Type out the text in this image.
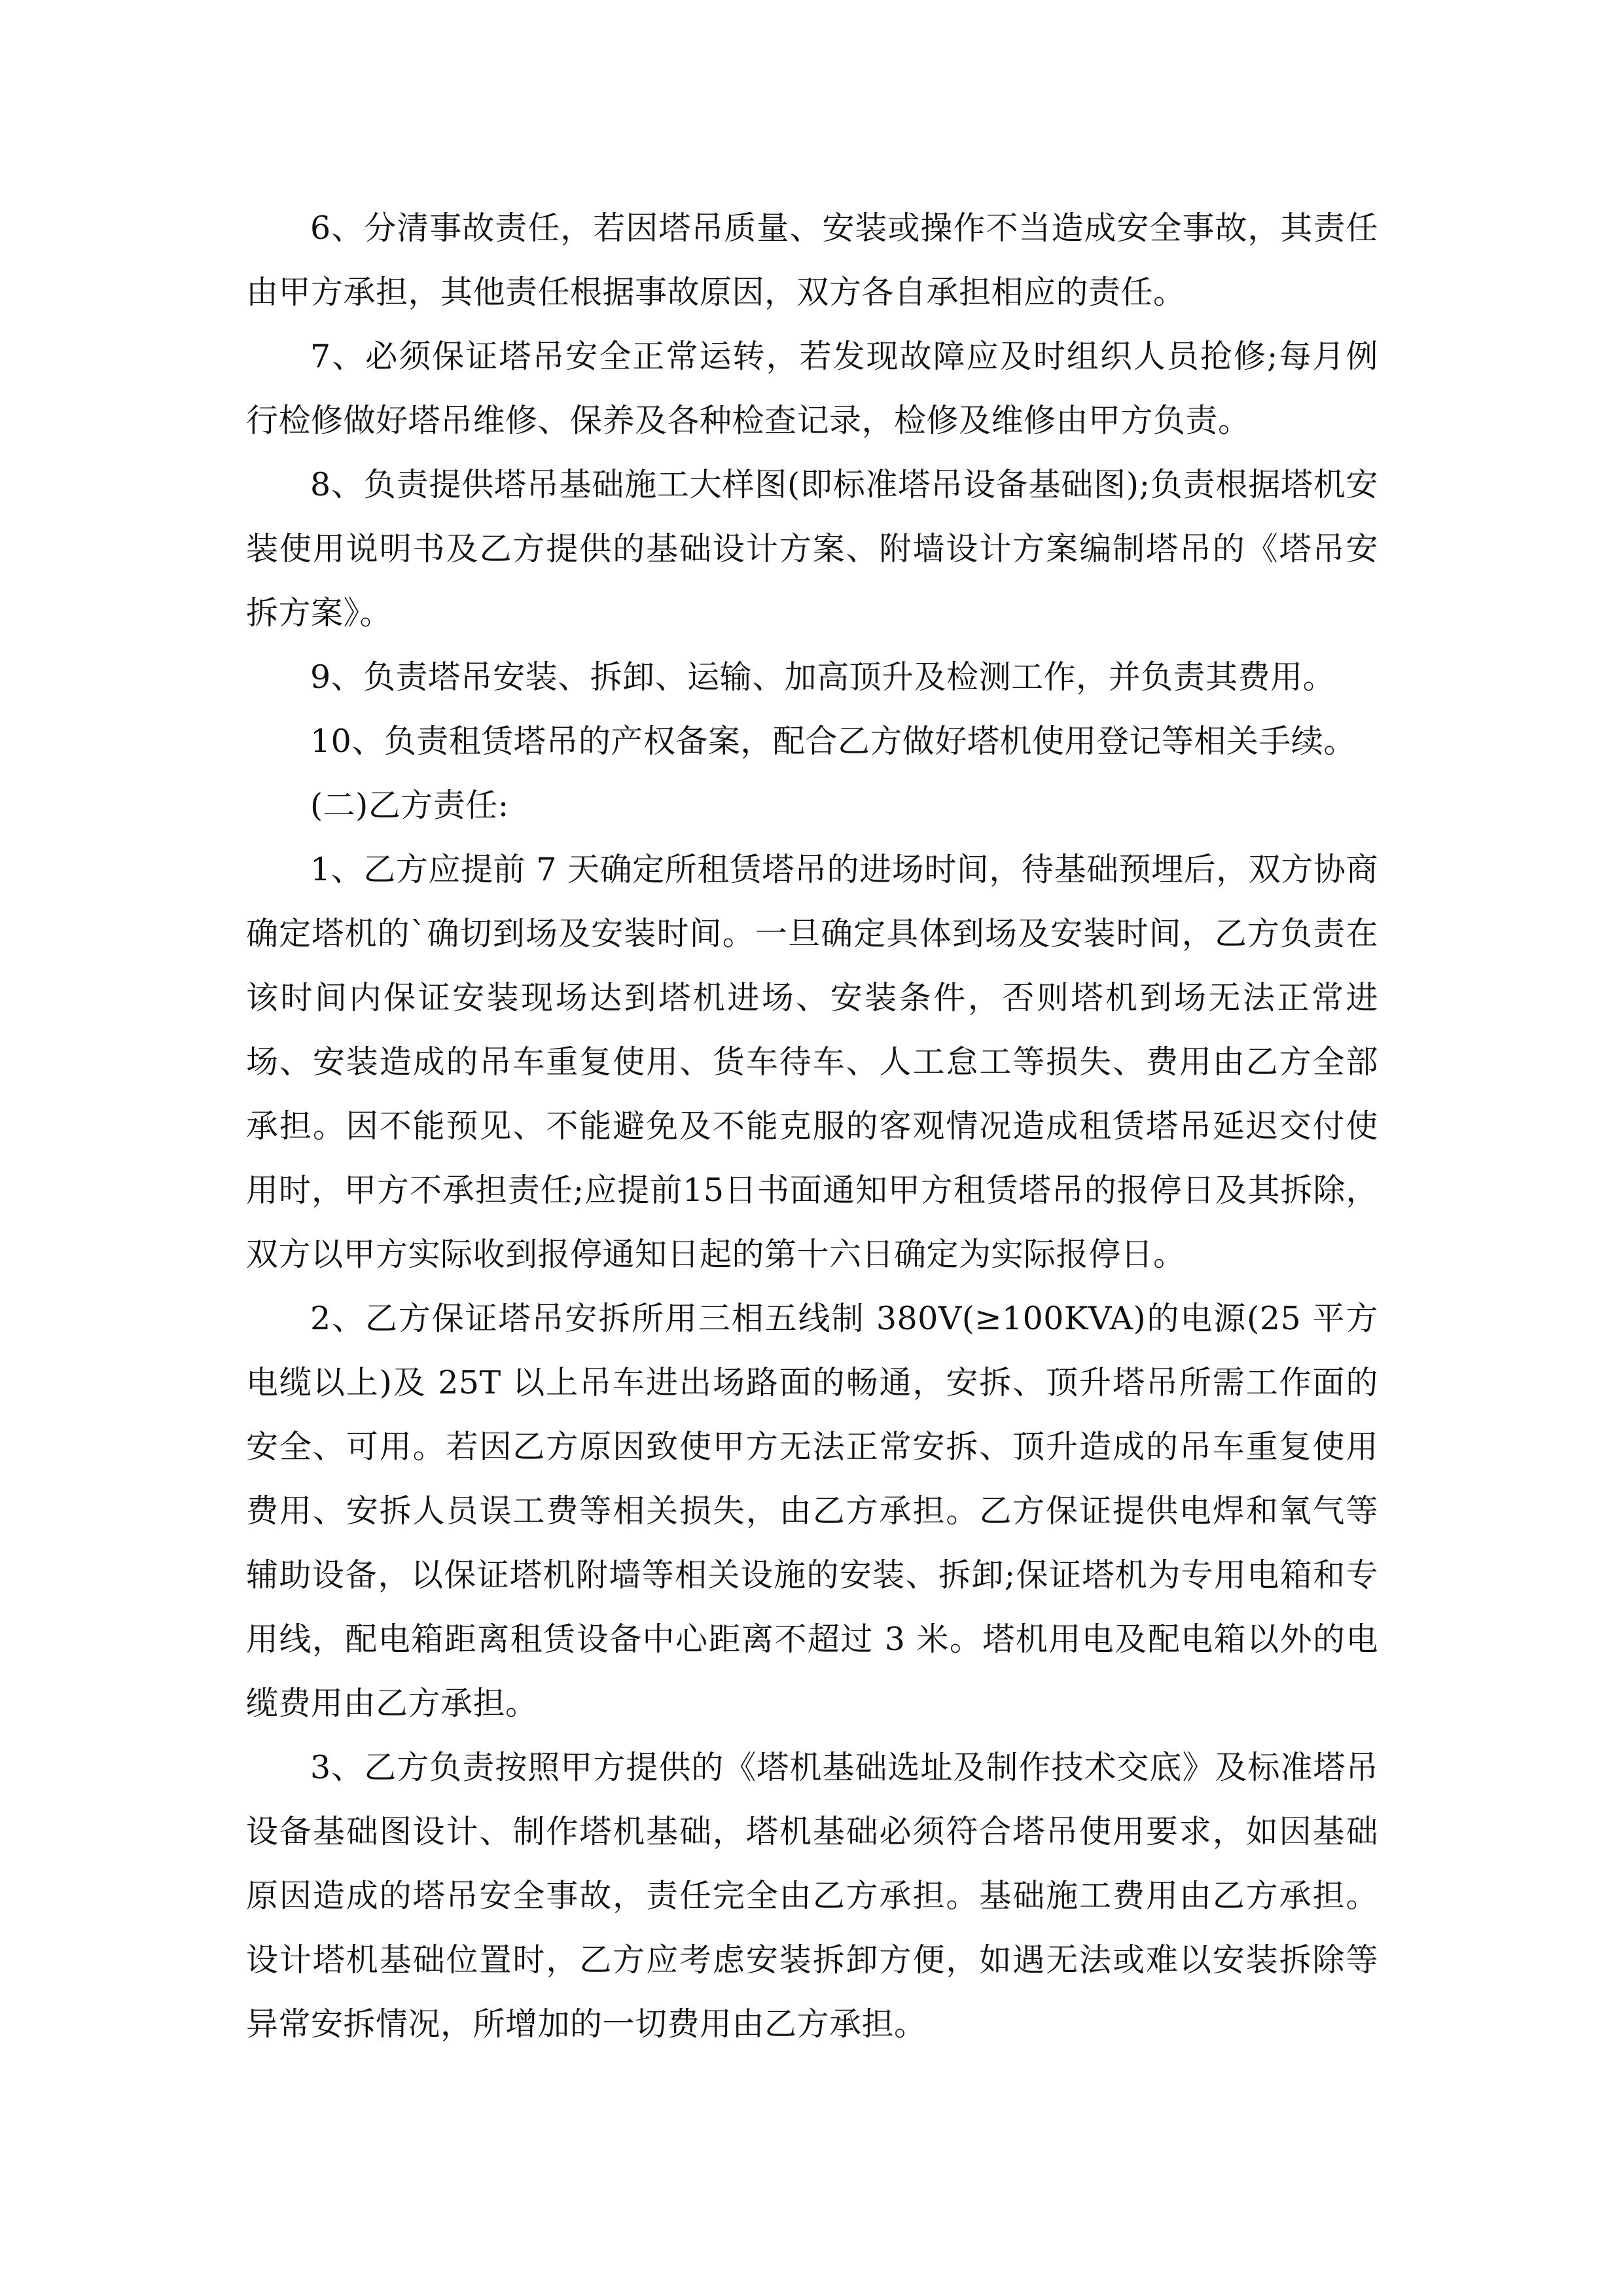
6、分清事故责任，若因塔吊质量、安装或操作不当造成安全事故，其责任由甲方承担，其他责任根据事故原因，双方各自承担相应的责任。

7、必须保证塔吊安全正常运转，若发现故障应及时组织人员抢修;每月例行检修做好塔吊维修、保养及各种检查记录，检修及维修由甲方负责。

8、负责提供塔吊基础施工大样图(即标准塔吊设备基础图);负责根据塔机安装使用说明书及乙方提供的基础设计方案、附墙设计方案编制塔吊的《塔吊安拆方案》。

9、负责塔吊安装、拆卸、运输、加高顶升及检测工作，并负责其费用。

10、负责租赁塔吊的产权备案，配合乙方做好塔机使用登记等相关手续。

(二)乙方责任:

1、乙方应提前 7 天确定所租赁塔吊的进场时间，待基础预埋后，双方协商确定塔机的`确切到场及安装时间。一旦确定具体到场及安装时间，乙方负责在该时间内保证安装现场达到塔机进场、安装条件，否则塔机到场无法正常进场、安装造成的吊车重复使用、货车待车、人工怠工等损失、费用由乙方全部承担。因不能预见、不能避免及不能克服的客观情况造成租赁塔吊延迟交付使用时，甲方不承担责任;应提前15日书面通知甲方租赁塔吊的报停日及其拆除，双方以甲方实际收到报停通知日起的第十六日确定为实际报停日。

2、乙方保证塔吊安拆所用三相五线制 380V(≥100KVA)的电源(25 平方电缆以上)及 25T 以上吊车进出场路面的畅通，安拆、顶升塔吊所需工作面的安全、可用。若因乙方原因致使甲方无法正常安拆、顶升造成的吊车重复使用费用、安拆人员误工费等相关损失，由乙方承担。乙方保证提供电焊和氧气等辅助设备，以保证塔机附墙等相关设施的安装、拆卸;保证塔机为专用电箱和专用线，配电箱距离租赁设备中心距离不超过 3 米。塔机用电及配电箱以外的电缆费用由乙方承担。

3、乙方负责按照甲方提供的《塔机基础选址及制作技术交底》及标准塔吊设备基础图设计、制作塔机基础，塔机基础必须符合塔吊使用要求，如因基础原因造成的塔吊安全事故，责任完全由乙方承担。基础施工费用由乙方承担。设计塔机基础位置时，乙方应考虑安装拆卸方便，如遇无法或难以安装拆除等异常安拆情况，所增加的一切费用由乙方承担。
